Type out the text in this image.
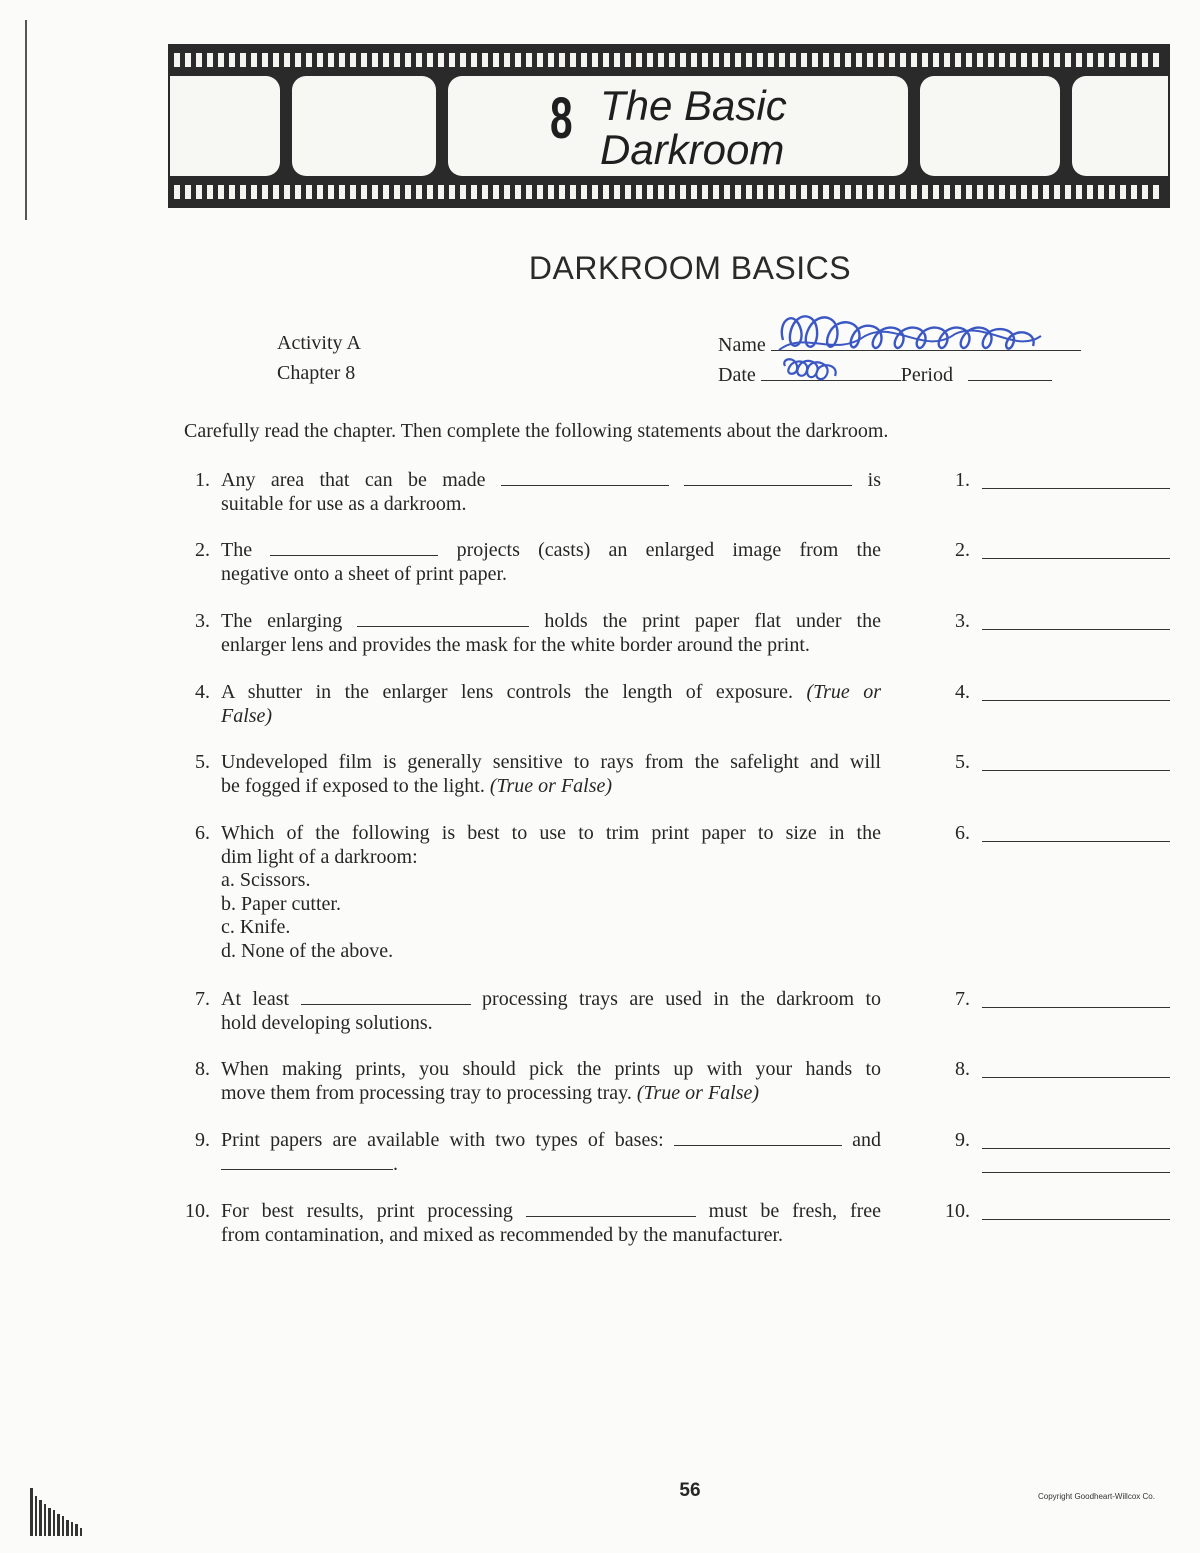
8 The Basic
Darkroom
DARKROOM BASICS
Activity A
Chapter 8
Name
Date	Period
Carefully read the chapter. Then complete the following statements about the darkroom.
1. Any area that can be made	is
suitable for use as a darkroom.
1.
2. The	projects (casts) an enlarged image from the
negative onto a sheet of print paper.
2.
3. The enlarging	holds the print paper flat under the
enlarger lens and provides the mask for the white border around the print.
3.
4. A shutter in the enlarger lens controls the length of exposure. (True or
False)
4.
5. Undeveloped film is generally sensitive to rays from the safelight and will
be fogged if exposed to the light. (True or False)
5.
6. Which of the following is best to use to trim print paper to size in the
dim light of a darkroom:
a. Scissors.
b. Paper cutter.
c. Knife.
d. None of the above.
6.
7. At least	processing trays are used in the darkroom to
hold developing solutions.
7.
8. When making prints, you should pick the prints up with your hands to
move them from processing tray to processing tray. (True or False)
8.
9. Print papers are available with two types of bases:	and
.
9.
10. For best results, print processing	must be fresh, free
from contamination, and mixed as recommended by the manufacturer.
10.
56	Copyright Goodheart-Willcox Co.
